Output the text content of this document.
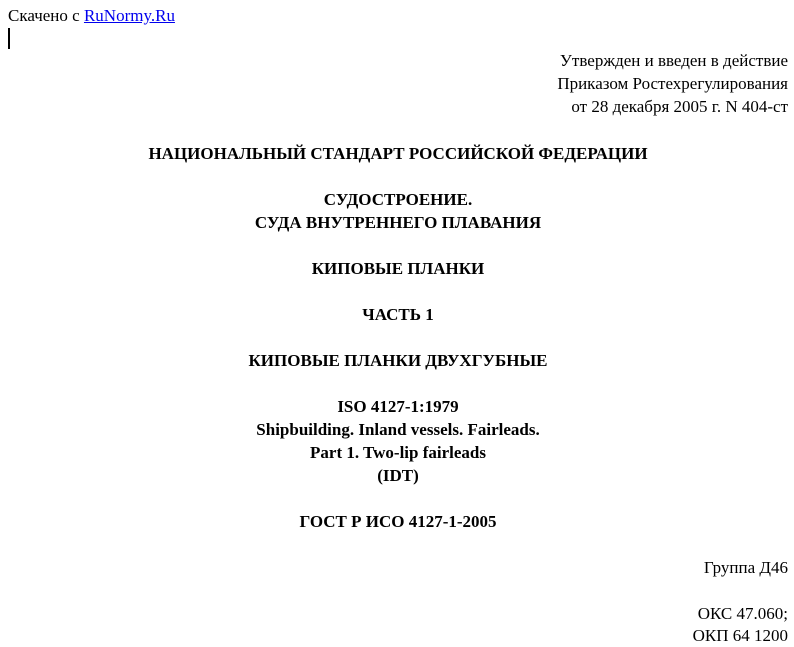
Скачено с RuNormy.Ru
Утвержден и введен в действие
Приказом Ростехрегулирования
от 28 декабря 2005 г. N 404-ст
НАЦИОНАЛЬНЫЙ СТАНДАРТ РОССИЙСКОЙ ФЕДЕРАЦИИ
СУДОСТРОЕНИЕ.
СУДА ВНУТРЕННЕГО ПЛАВАНИЯ
КИПОВЫЕ ПЛАНКИ
ЧАСТЬ 1
КИПОВЫЕ ПЛАНКИ ДВУХГУБНЫЕ
ISO 4127-1:1979
Shipbuilding. Inland vessels. Fairleads.
Part 1. Two-lip fairleads
(IDT)
ГОСТ Р ИСО 4127-1-2005
Группа Д46
ОКС 47.060;
ОКП 64 1200
